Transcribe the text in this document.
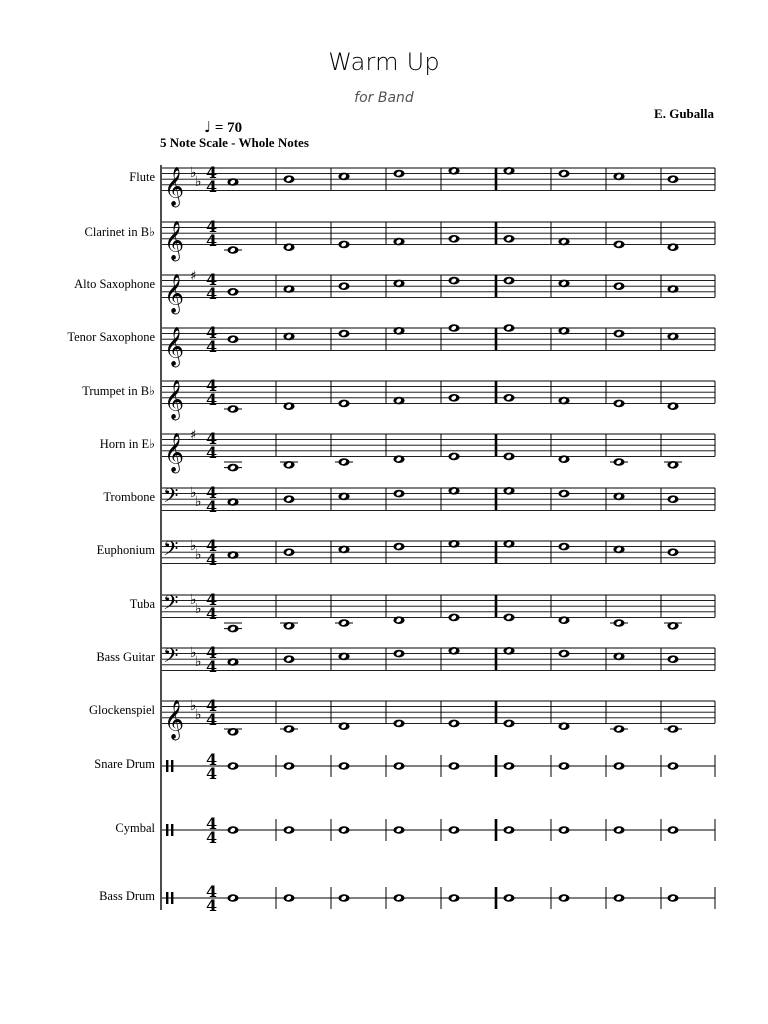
Warm Up
for Band
E. Guballa
♩ = 70
5 Note Scale - Whole Notes
Flute
Clarinet in B♭
Alto Saxophone
Tenor Saxophone
Trumpet in B♭
Horn in E♭
Trombone
Euphonium
Tuba
Bass Guitar
Glockenspiel
Snare Drum
Cymbal
Bass Drum
𝄞 ♭
♭ 4
4
𝄞 4
4
𝄞 ♯ 4
4
𝄞 4
4
𝄞 4
4
𝄞 ♯ 4
4
𝄢 ♭
♭ 4
4
𝄢 ♭
♭ 4
4
𝄢 ♭
♭ 4
4
𝄢 ♭
♭ 4
4
𝄞 ♭
♭ 4
4
4
4
4
4
4
4
